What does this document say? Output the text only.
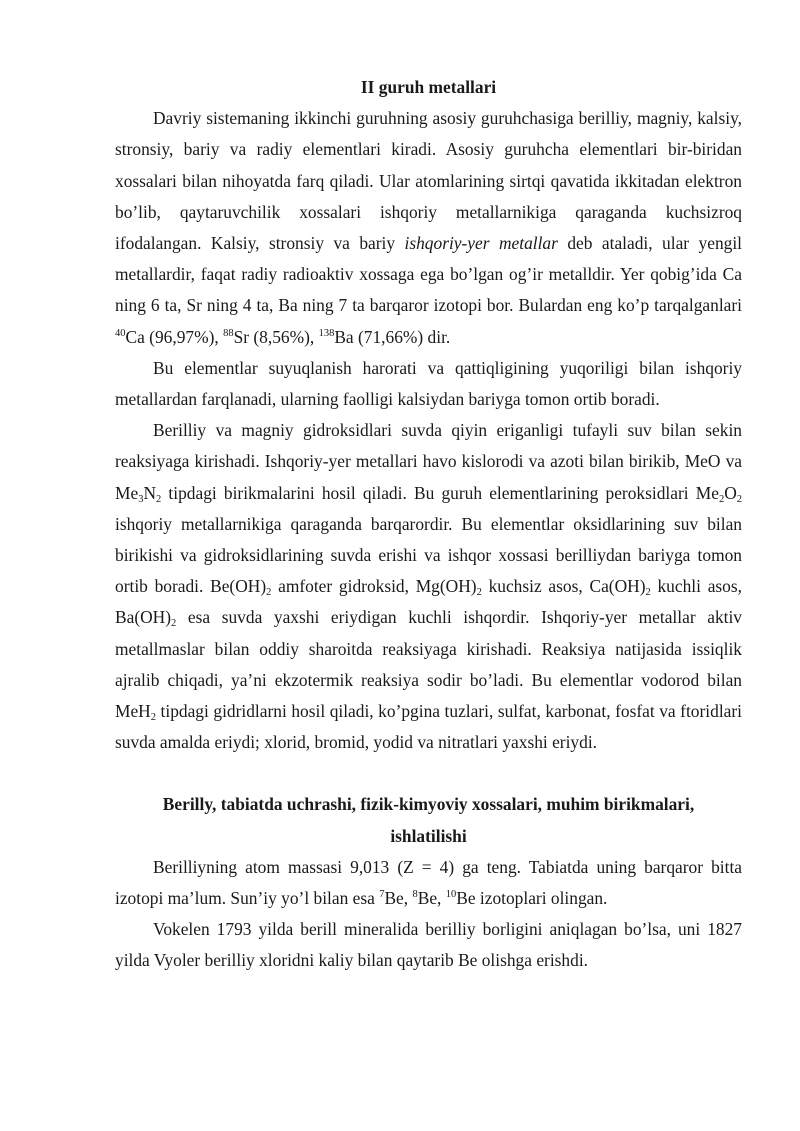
II guruh metallari

Davriy sistemaning ikkinchi guruhning asosiy guruhchasiga berilliy, magniy, kalsiy, stronsiy, bariy va radiy elementlari kiradi. Asosiy guruhcha elementlari bir-biridan xossalari bilan nihoyatda farq qiladi. Ular atomlarining sirtqi qavatida ikkitadan elektron bo’lib, qaytaruvchilik xossalari ishqoriy metallarnikiga qaraganda kuchsizroq ifodalangan. Kalsiy, stronsiy va bariy ishqoriy-yer metallar deb ataladi, ular yengil metallardir, faqat radiy radioaktiv xossaga ega bo’lgan og’ir metalldir. Yer qobig’ida Ca ning 6 ta, Sr ning 4 ta, Ba ning 7 ta barqaror izotopi bor. Bulardan eng ko’p tarqalganlari $^{40}$Ca (96,97%), $^{88}$Sr (8,56%), $^{138}$Ba (71,66%) dir.

Bu elementlar suyuqlanish harorati va qattiqligining yuqoriligi bilan ishqoriy metallardan farqlanadi, ularning faolligi kalsiydan bariyga tomon ortib boradi.

Berilliy va magniy gidroksidlari suvda qiyin eriganligi tufayli suv bilan sekin reaksiyaga kirishadi. Ishqoriy-yer metallari havo kislorodi va azoti bilan birikib, MeO va $Me_3N_2$ tipdagi birikmalarini hosil qiladi. Bu guruh elementlarining peroksidlari $Me_2O_2$ ishqoriy metallarnikiga qaraganda barqarordir. Bu elementlar oksidlarining suv bilan birikishi va gidroksidlarining suvda erishi va ishqor xossasi berilliydan bariyga tomon ortib boradi. $Be(OH)_2$ amfoter gidroksid, $Mg(OH)_2$ kuchsiz asos, $Ca(OH)_2$ kuchli asos, $Ba(OH)_2$ esa suvda yaxshi eriydigan kuchli ishqordir. Ishqoriy-yer metallar aktiv metallmaslar bilan oddiy sharoitda reaksiyaga kirishadi. Reaksiya natijasida issiqlik ajralib chiqadi, ya’ni ekzotermik reaksiya sodir bo’ladi. Bu elementlar vodorod bilan MeH$_2$ tipdagi gidridlarni hosil qiladi, ko’pgina tuzlari, sulfat, karbonat, fosfat va ftoridlari suvda amalda eriydi; xlorid, bromid, yodid va nitratlari yaxshi eriydi.

Berilly, tabiatda uchrashi, fizik-kimyoviy xossalari, muhim birikmalari,
ishlatilishi

Berilliyning atom massasi 9,013 (Z = 4) ga teng. Tabiatda uning barqaror bitta izotopi ma’lum. Sun’iy yo’l bilan esa $^7$Be, $^8$Be, $^{10}$Be izotoplari olingan.

Vokelen 1793 yilda berill mineralida berilliy borligini aniqlagan bo’lsa, uni 1827 yilda Vyoler berilliy xloridni kaliy bilan qaytarib Be olishga erishdi.
